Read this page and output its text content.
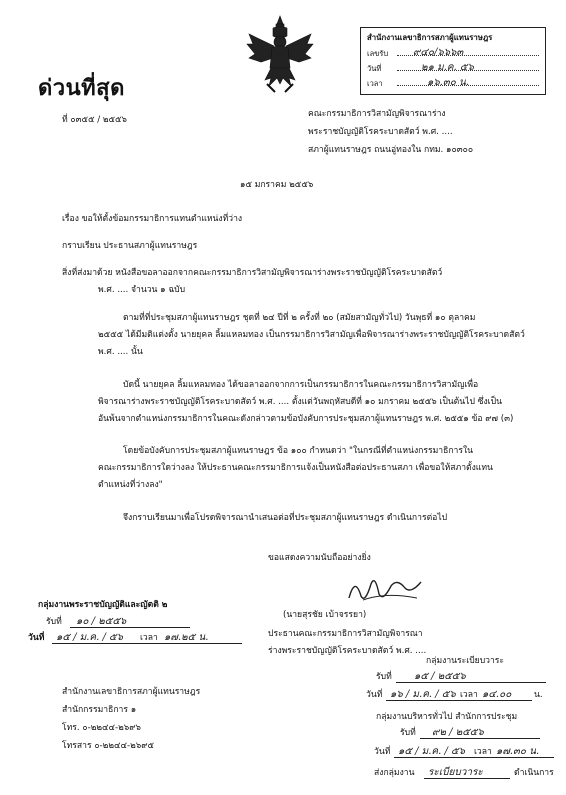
สำนักงานเลขาธิการสภาผู้แทนราษฎร
เลขรับ ๙๔๐/๖๖๖๓
วันที่	๒๑ ม.ค. ๕๖
เวลา	๑๖.๓๐ น.
ด่วนที่สุด
ที่ ๐๓๕๕ / ๒๕๕๖
คณะกรรมาธิการวิสามัญพิจารณาร่าง
พระราชบัญญัติโรคระบาดสัตว์ พ.ศ. ....
สภาผู้แทนราษฎร ถนนอู่ทองใน กทม. ๑๐๓๐๐
๑๕ มกราคม ๒๕๕๖
เรื่อง ขอให้ตั้งข้อมกรรมาธิการแทนตำแหน่งที่ว่าง
กราบเรียน ประธานสภาผู้แทนราษฎร
สิ่งที่ส่งมาด้วย หนังสือขอลาออกจากคณะกรรมาธิการวิสามัญพิจารณาร่างพระราชบัญญัติโรคระบาดสัตว์
พ.ศ. .... จำนวน ๑ ฉบับ
ตามที่ที่ประชุมสภาผู้แทนราษฎร ชุดที่ ๒๔ ปีที่ ๒ ครั้งที่ ๒๐ (สมัยสามัญทั่วไป) วันพุธที่ ๑๐ ตุลาคม
๒๕๕๕ ได้มีมติแต่งตั้ง นายยุคล ลิ้มแหลมทอง เป็นกรรมาธิการวิสามัญเพื่อพิจารณาร่างพระราชบัญญัติโรคระบาดสัตว์
พ.ศ. .... นั้น
บัดนี้ นายยุคล ลิ้มแหลมทอง ได้ขอลาออกจากการเป็นกรรมาธิการในคณะกรรมาธิการวิสามัญเพื่อ
พิจารณาร่างพระราชบัญญัติโรคระบาดสัตว์ พ.ศ. .... ตั้งแต่วันพฤหัสบดีที่ ๑๐ มกราคม ๒๕๕๖ เป็นต้นไป ซึ่งเป็น
อันพ้นจากตำแหน่งกรรมาธิการในคณะดังกล่าวตามข้อบังคับการประชุมสภาผู้แทนราษฎร พ.ศ. ๒๕๕๑ ข้อ ๙๗ (๓)
โดยข้อบังคับการประชุมสภาผู้แทนราษฎร ข้อ ๑๐๐ กำหนดว่า "ในกรณีที่ตำแหน่งกรรมาธิการใน
คณะกรรมาธิการใดว่างลง ให้ประธานคณะกรรมาธิการแจ้งเป็นหนังสือต่อประธานสภา เพื่อขอให้สภาตั้งแทน
ตำแหน่งที่ว่างลง"
จึงกราบเรียนมาเพื่อโปรดพิจารณานำเสนอต่อที่ประชุมสภาผู้แทนราษฎร ดำเนินการต่อไป
ขอแสดงความนับถืออย่างยิ่ง
(นายสุรชัย เบ้าจรรยา)
ประธานคณะกรรมาธิการวิสามัญพิจารณา
ร่างพระราชบัญญัติโรคระบาดสัตว์ พ.ศ. ....
กลุ่มงานพระราชบัญญัติและญัตติ ๒
รับที่ ๑๐ / ๒๕๕๖
วันที่ ๑๕ / ม.ค. / ๕๖ เวลา ๑๗.๒๕ น.
สำนักงานเลขาธิการสภาผู้แทนราษฎร
สำนักกรรมาธิการ ๑
โทร. ๐-๒๒๔๔-๒๖๙๖
โทรสาร ๐-๒๒๔๔-๒๖๙๕
กลุ่มงานระเบียบวาระ
รับที่ ๑๕ / ๒๕๕๖
วันที่ ๑๖ / ม.ค. / ๕๖ เวลา ๑๔.๐๐	น.
กลุ่มงานบริหารทั่วไป สำนักการประชุม
รับที่ ๙๒ / ๒๕๕๖
วันที่ ๑๕ / ม.ค. / ๕๖ เวลา ๑๗.๓๐ น.
ส่งกลุ่มงาน ระเบียบวาระ	ดำเนินการ
